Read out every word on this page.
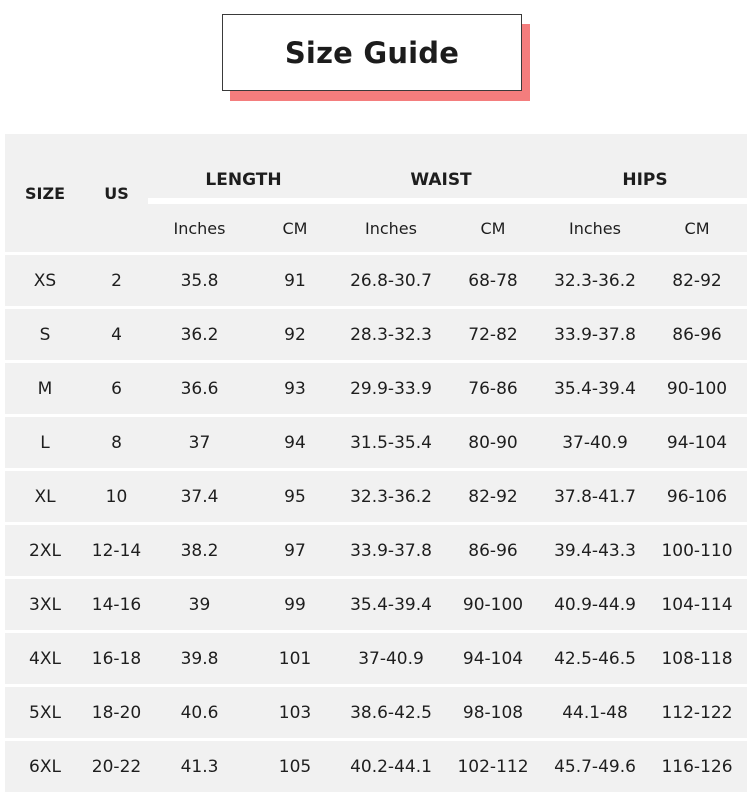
Size Guide
SIZE	US	LENGTH		WAIST		HIPS	
		Inches	CM	Inches	CM	Inches	CM
XS	2	35.8	91	26.8-30.7	68-78	32.3-36.2	82-92
S	4	36.2	92	28.3-32.3	72-82	33.9-37.8	86-96
M	6	36.6	93	29.9-33.9	76-86	35.4-39.4	90-100
L	8	37	94	31.5-35.4	80-90	37-40.9	94-104
XL	10	37.4	95	32.3-36.2	82-92	37.8-41.7	96-106
2XL	12-14	38.2	97	33.9-37.8	86-96	39.4-43.3	100-110
3XL	14-16	39	99	35.4-39.4	90-100	40.9-44.9	104-114
4XL	16-18	39.8	101	37-40.9	94-104	42.5-46.5	108-118
5XL	18-20	40.6	103	38.6-42.5	98-108	44.1-48	112-122
6XL	20-22	41.3	105	40.2-44.1	102-112	45.7-49.6	116-126
